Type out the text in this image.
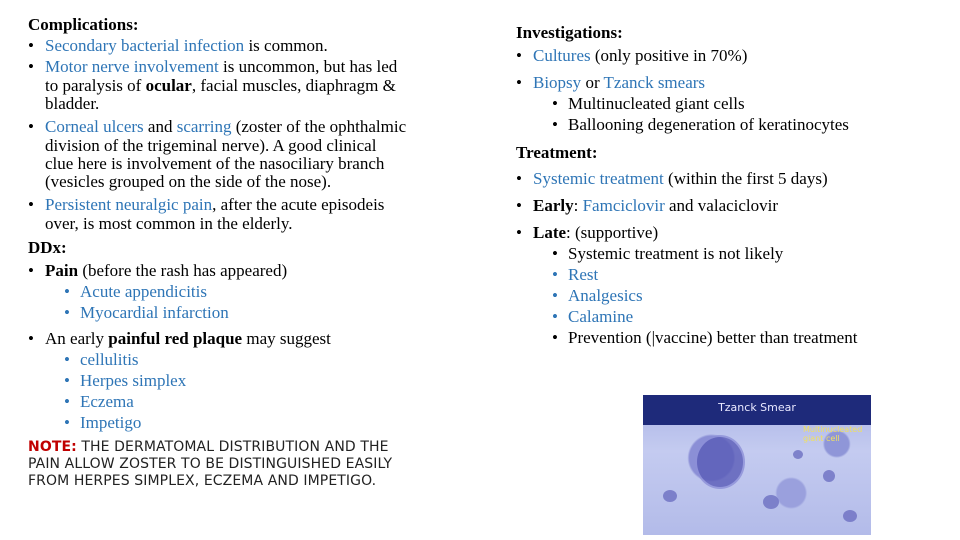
Complications:
• Secondary bacterial infection is common.
• Motor nerve involvement is uncommon, but has led
to paralysis of ocular, facial muscles, diaphragm &
bladder.
• Corneal ulcers and scarring (zoster of the ophthalmic
division of the trigeminal nerve). A good clinical
clue here is involvement of the nasociliary branch
(vesicles grouped on the side of the nose).
• Persistent neuralgic pain, after the acute episodeis
over, is most common in the elderly.
DDx:
• Pain (before the rash has appeared)
• Acute appendicitis
• Myocardial infarction
• An early painful red plaque may suggest
• cellulitis
• Herpes simplex
• Eczema
• Impetigo
NOTE: THE DERMATOMAL DISTRIBUTION AND THE
PAIN ALLOW ZOSTER TO BE DISTINGUISHED EASILY
FROM HERPES SIMPLEX, ECZEMA AND IMPETIGO.
Investigations:
• Cultures (only positive in 70%)
• Biopsy or Tzanck smears
• Multinucleated giant cells
• Ballooning degeneration of keratinocytes
Treatment:
• Systemic treatment (within the first 5 days)
• Early: Famciclovir and valaciclovir
• Late: (supportive)
• Systemic treatment is not likely
• Rest
• Analgesics
• Calamine
• Prevention (|vaccine) better than treatment
Tzanck Smear
Multinucleated giant cell
